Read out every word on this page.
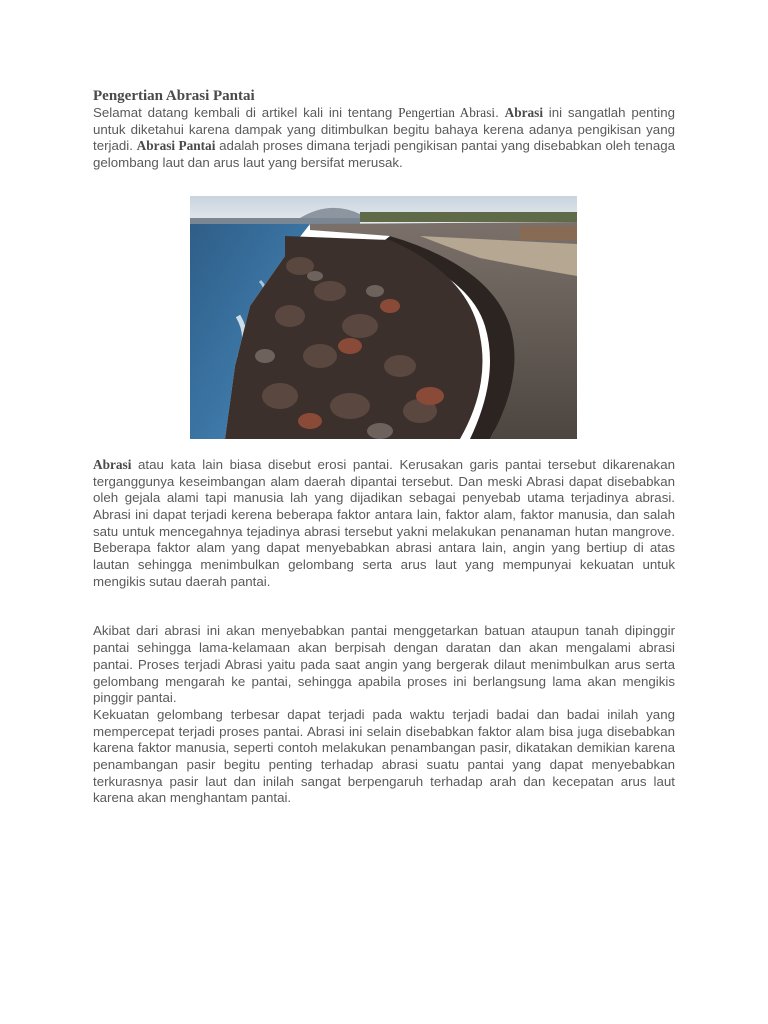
Pengertian Abrasi Pantai

Selamat datang kembali di artikel kali ini tentang Pengertian Abrasi. Abrasi ini sangatlah penting untuk diketahui karena dampak yang ditimbulkan begitu bahaya kerena adanya pengikisan yang terjadi. Abrasi Pantai adalah proses dimana terjadi pengikisan pantai yang disebabkan oleh tenaga gelombang laut dan arus laut yang bersifat merusak.

Abrasi atau kata lain biasa disebut erosi pantai. Kerusakan garis pantai tersebut dikarenakan terganggunya keseimbangan alam daerah dipantai tersebut. Dan meski Abrasi dapat disebabkan oleh gejala alami tapi manusia lah yang dijadikan sebagai penyebab utama terjadinya abrasi. Abrasi ini dapat terjadi kerena beberapa faktor antara lain, faktor alam, faktor manusia, dan salah satu untuk mencegahnya tejadinya abrasi tersebut yakni melakukan penanaman hutan mangrove. Beberapa faktor alam yang dapat menyebabkan abrasi antara lain, angin yang bertiup di atas lautan sehingga menimbulkan gelombang serta arus laut yang mempunyai kekuatan untuk mengikis sutau daerah pantai.

Akibat dari abrasi ini akan menyebabkan pantai menggetarkan batuan ataupun tanah dipinggir pantai sehingga lama-kelamaan akan berpisah dengan daratan dan akan mengalami abrasi pantai. Proses terjadi Abrasi yaitu pada saat angin yang bergerak dilaut menimbulkan arus serta gelombang mengarah ke pantai, sehingga apabila proses ini berlangsung lama akan mengikis pinggir pantai.

Kekuatan gelombang terbesar dapat terjadi pada waktu terjadi badai dan badai inilah yang mempercepat terjadi proses pantai. Abrasi ini selain disebabkan faktor alam bisa juga disebabkan karena faktor manusia, seperti contoh melakukan penambangan pasir, dikatakan demikian karena penambangan pasir begitu penting terhadap abrasi suatu pantai yang dapat menyebabkan terkurasnya pasir laut dan inilah sangat berpengaruh terhadap arah dan kecepatan arus laut karena akan menghantam pantai.
